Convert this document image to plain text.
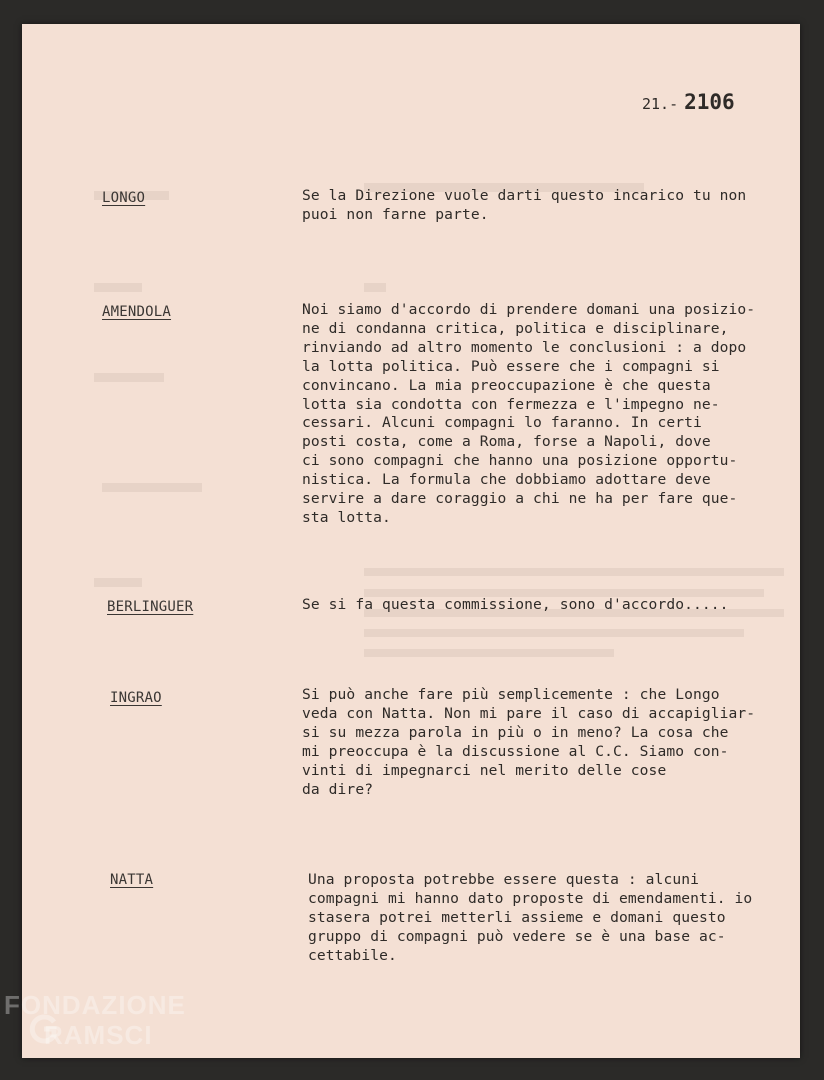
21.- 2106
LONGO	Se la Direzione vuole darti questo incarico tu non
puoi non farne parte.
AMENDOLA	Noi siamo d'accordo di prendere domani una posizio-
ne di condanna critica, politica e disciplinare,
rinviando ad altro momento le conclusioni : a dopo
la lotta politica. Può essere che i compagni si
convincano. La mia preoccupazione è che questa
lotta sia condotta con fermezza e l'impegno ne-
cessari. Alcuni compagni lo faranno. In certi
posti costa, come a Roma, forse a Napoli, dove
ci sono compagni che hanno una posizione opportu-
nistica. La formula che dobbiamo adottare deve
servire a dare coraggio a chi ne ha per fare que-
sta lotta.
BERLINGUER	Se si fa questa commissione, sono d'accordo.....
INGRAO	Si può anche fare più semplicemente : che Longo
veda con Natta. Non mi pare il caso di accapigliar-
si su mezza parola in più o in meno? La cosa che
mi preoccupa è la discussione al C.C. Siamo con-
vinti di impegnarci nel merito delle cose
da dire?
NATTA	Una proposta potrebbe essere questa : alcuni
compagni mi hanno dato proposte di emendamenti. io
stasera potrei metterli assieme e domani questo
gruppo di compagni può vedere se è una base ac-
cettabile.
FONDAZIONE
RAMSCI
